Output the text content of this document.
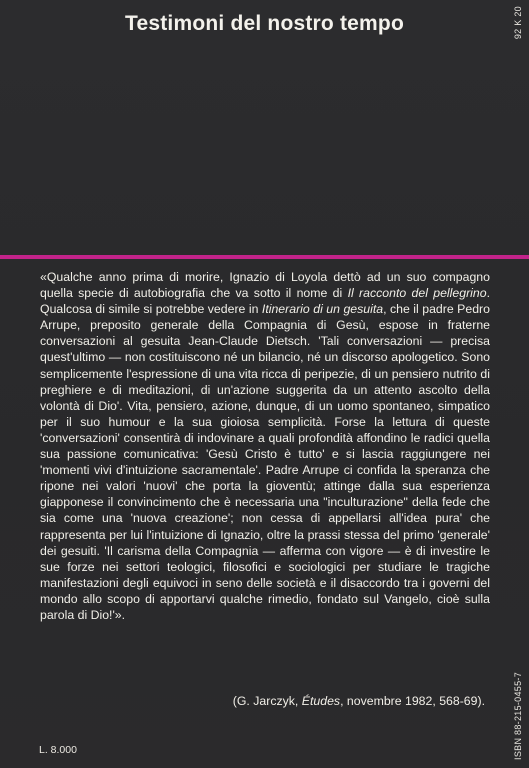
Testimoni del nostro tempo	92 K 20

«Qualche anno prima di morire, Ignazio di Loyola dettò ad un suo compagno quella specie di autobiografia che va sotto il nome di Il racconto del pellegrino. Qualcosa di simile si potrebbe vedere in Itinerario di un gesuita, che il padre Pedro Arrupe, preposito generale della Compagnia di Gesù, espose in fraterne conversazioni al gesuita Jean-Claude Dietsch. 'Tali conversazioni — precisa quest'ultimo — non costituiscono né un bilancio, né un discorso apologetico. Sono semplicemente l'espressione di una vita ricca di peripezie, di un pensiero nutrito di preghiere e di meditazioni, di un'azione suggerita da un attento ascolto della volontà di Dio'. Vita, pensiero, azione, dunque, di un uomo spontaneo, simpatico per il suo humour e la sua gioiosa semplicità. Forse la lettura di queste 'conversazioni' consentirà di indovinare a quali profondità affondino le radici quella sua passione comunicativa: 'Gesù Cristo è tutto' e si lascia raggiungere nei 'momenti vivi d'intuizione sacramentale'. Padre Arrupe ci confida la speranza che ripone nei valori 'nuovi' che porta la gioventù; attinge dalla sua esperienza giapponese il convincimento che è necessaria una "inculturazione" della fede che sia come una 'nuova creazione'; non cessa di appellarsi all'idea pura' che rappresenta per lui l'intuizione di Ignazio, oltre la prassi stessa del primo 'generale' dei gesuiti. 'Il carisma della Compagnia — afferma con vigore — è di investire le sue forze nei settori teologici, filosofici e sociologici per studiare le tragiche manifestazioni degli equivoci in seno delle società e il disaccordo tra i governi del mondo allo scopo di apportarvi qualche rimedio, fondato sul Vangelo, cioè sulla parola di Dio!'».

(G. Jarczyk, Études, novembre 1982, 568-69).
L. 8.000	ISBN 88-215-0455-7
